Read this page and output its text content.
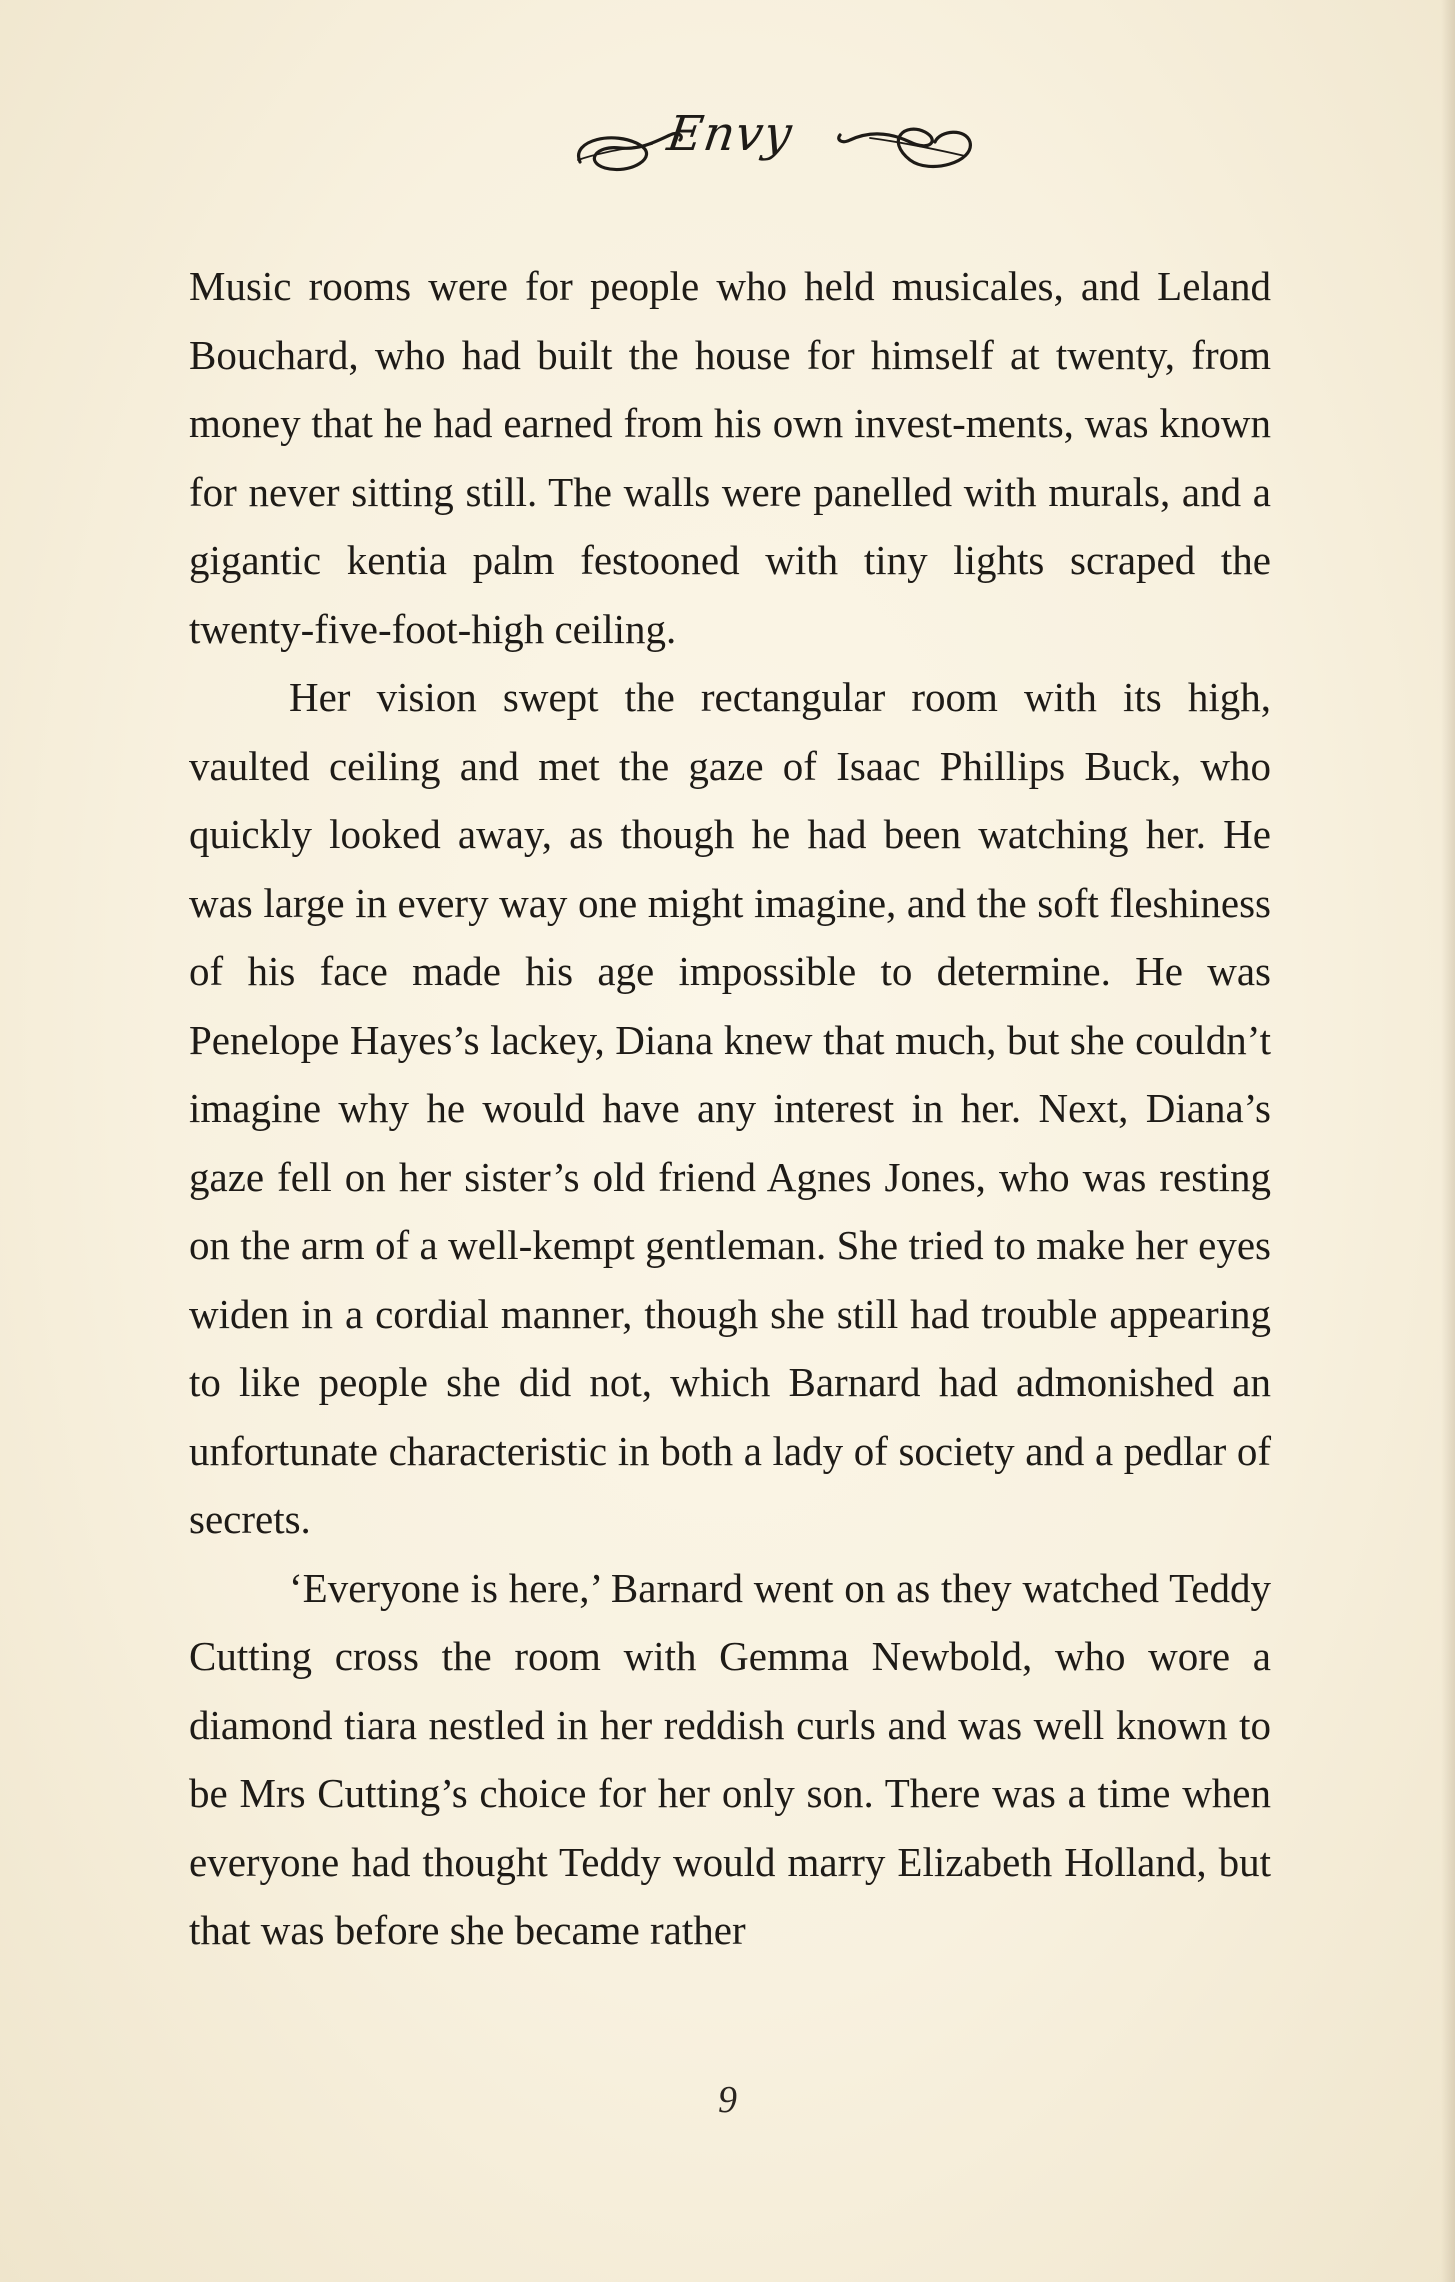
Envy

Music rooms were for people who held musicales, and Leland Bouchard, who had built the house for himself at twenty, from money that he had earned from his own invest-ments, was known for never sitting still. The walls were panelled with murals, and a gigantic kentia palm festooned with tiny lights scraped the twenty-five-foot-high ceiling.

Her vision swept the rectangular room with its high, vaulted ceiling and met the gaze of Isaac Phillips Buck, who quickly looked away, as though he had been watching her. He was large in every way one might imagine, and the soft fleshiness of his face made his age impossible to determine. He was Penelope Hayes’s lackey, Diana knew that much, but she couldn’t imagine why he would have any interest in her. Next, Diana’s gaze fell on her sister’s old friend Agnes Jones, who was resting on the arm of a well-kempt gentleman. She tried to make her eyes widen in a cordial manner, though she still had trouble appearing to like people she did not, which Barnard had admonished an unfortunate characteristic in both a lady of society and a pedlar of secrets.

‘Everyone is here,’ Barnard went on as they watched Teddy Cutting cross the room with Gemma Newbold, who wore a diamond tiara nestled in her reddish curls and was well known to be Mrs Cutting’s choice for her only son. There was a time when everyone had thought Teddy would marry Elizabeth Holland, but that was before she became rather

9
